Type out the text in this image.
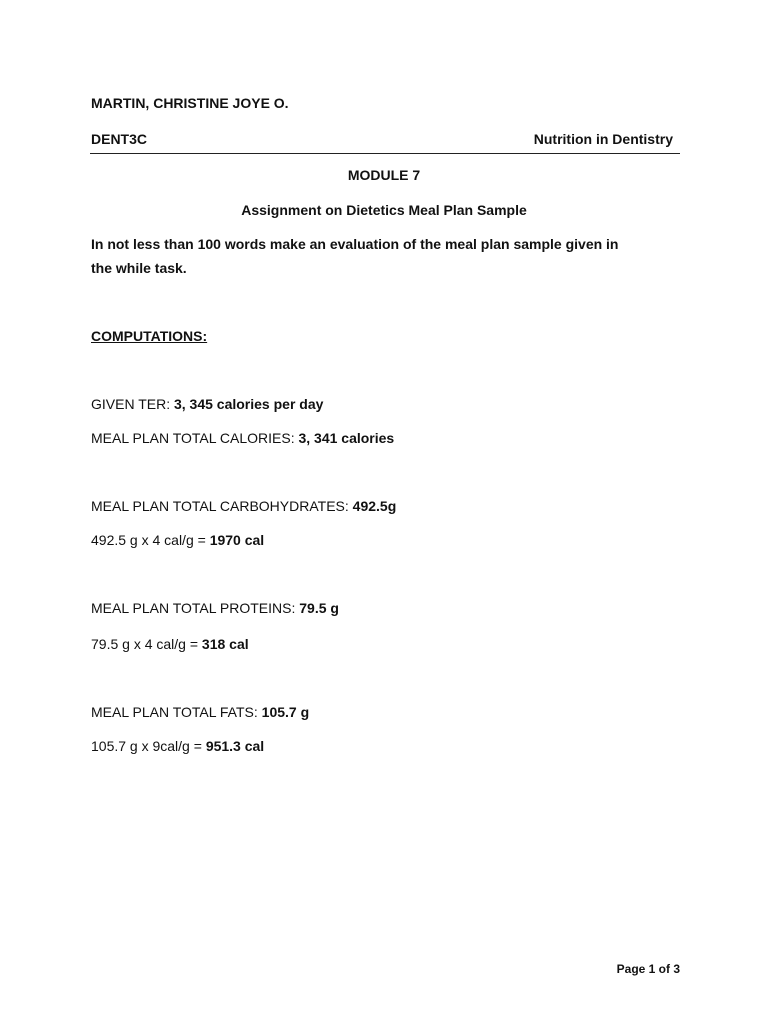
MARTIN, CHRISTINE JOYE O.
DENT3C	Nutrition in Dentistry
MODULE 7
Assignment on Dietetics Meal Plan Sample
In not less than 100 words make an evaluation of the meal plan sample given in
the while task.
COMPUTATIONS:
GIVEN TER: 3, 345 calories per day
MEAL PLAN TOTAL CALORIES: 3, 341 calories
MEAL PLAN TOTAL CARBOHYDRATES: 492.5g
492.5 g x 4 cal/g = 1970 cal
MEAL PLAN TOTAL PROTEINS: 79.5 g
79.5 g x 4 cal/g = 318 cal
MEAL PLAN TOTAL FATS: 105.7 g
105.7 g x 9cal/g = 951.3 cal
Page 1 of 3
